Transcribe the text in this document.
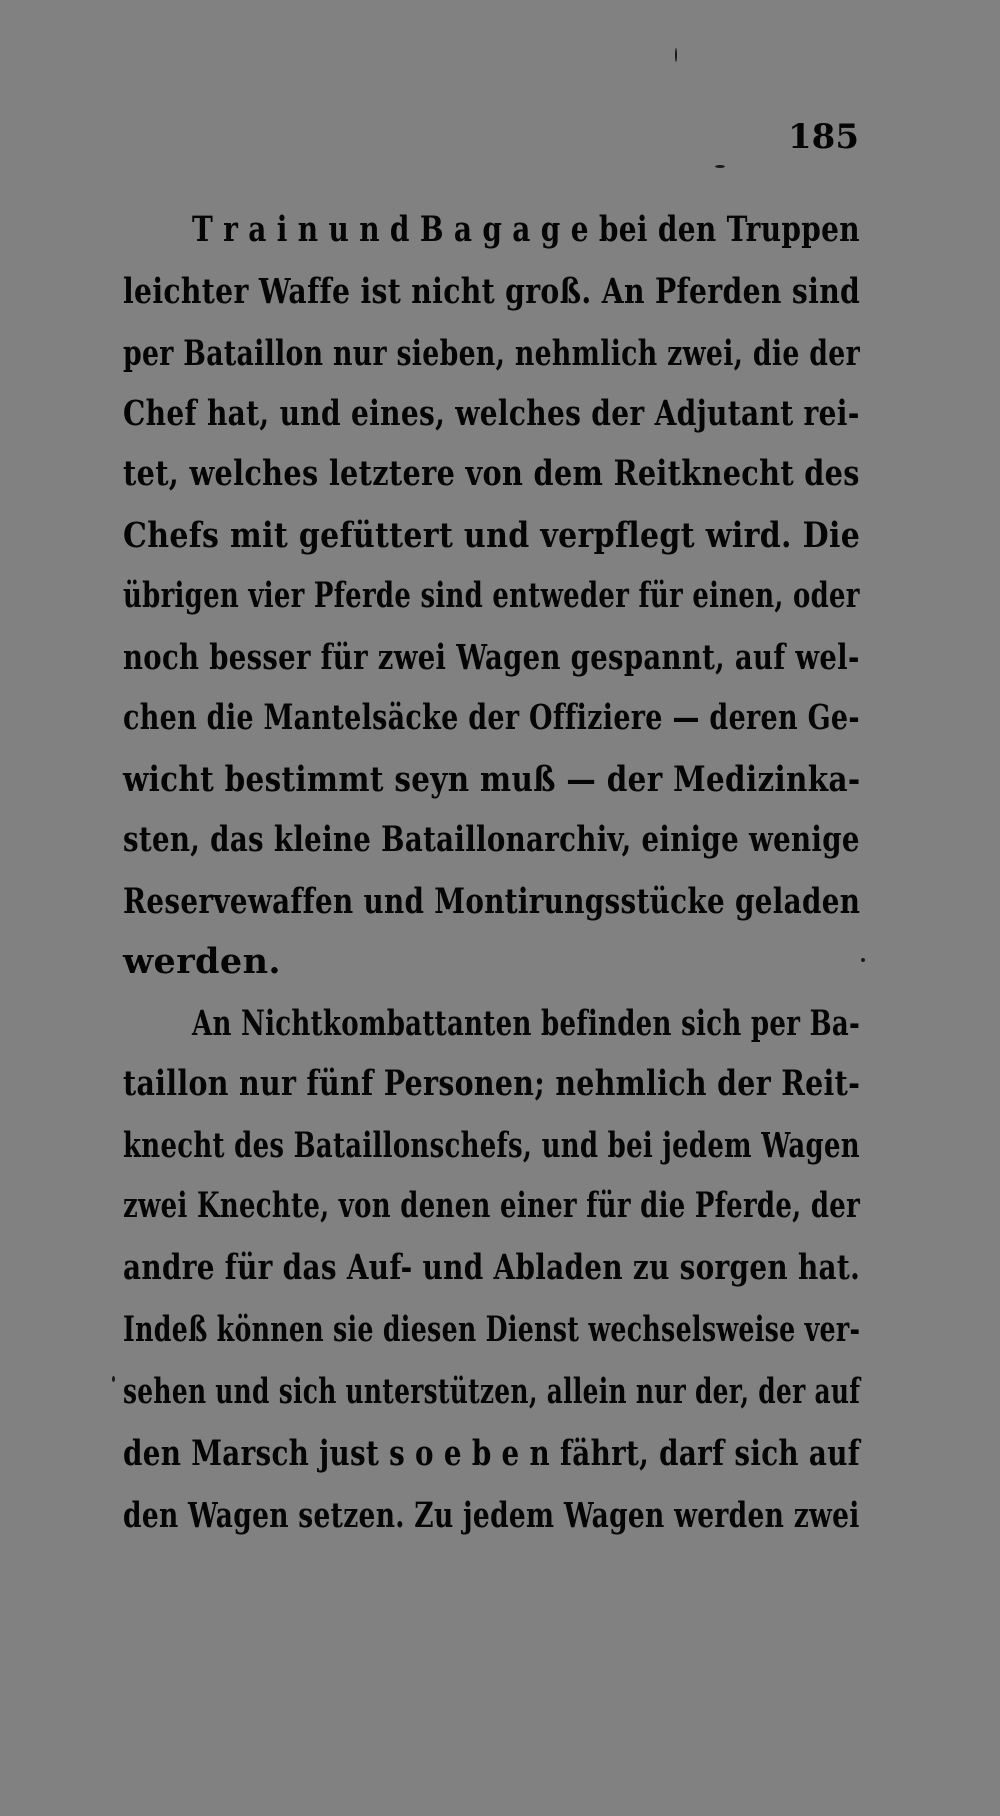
185
T r a i n u n d B a g a g e bei den Truppen
leichter Waffe ist nicht groß. An Pferden sind
per Bataillon nur sieben, nehmlich zwei, die der
Chef hat, und eines, welches der Adjutant rei-
tet, welches letztere von dem Reitknecht des
Chefs mit gefüttert und verpflegt wird. Die
übrigen vier Pferde sind entweder für einen, oder
noch besser für zwei Wagen gespannt, auf wel-
chen die Mantelsäcke der Offiziere — deren Ge-
wicht bestimmt seyn muß — der Medizinka-
sten, das kleine Bataillonarchiv, einige wenige
Reservewaffen und Montirungsstücke geladen
werden.
An Nichtkombattanten befinden sich per Ba-
taillon nur fünf Personen; nehmlich der Reit-
knecht des Bataillonschefs, und bei jedem Wagen
zwei Knechte, von denen einer für die Pferde, der
andre für das Auf- und Abladen zu sorgen hat.
Indeß können sie diesen Dienst wechselsweise ver-
sehen und sich unterstützen, allein nur der, der auf
den Marsch just s o e b e n fährt, darf sich auf
den Wagen setzen. Zu jedem Wagen werden zwei
